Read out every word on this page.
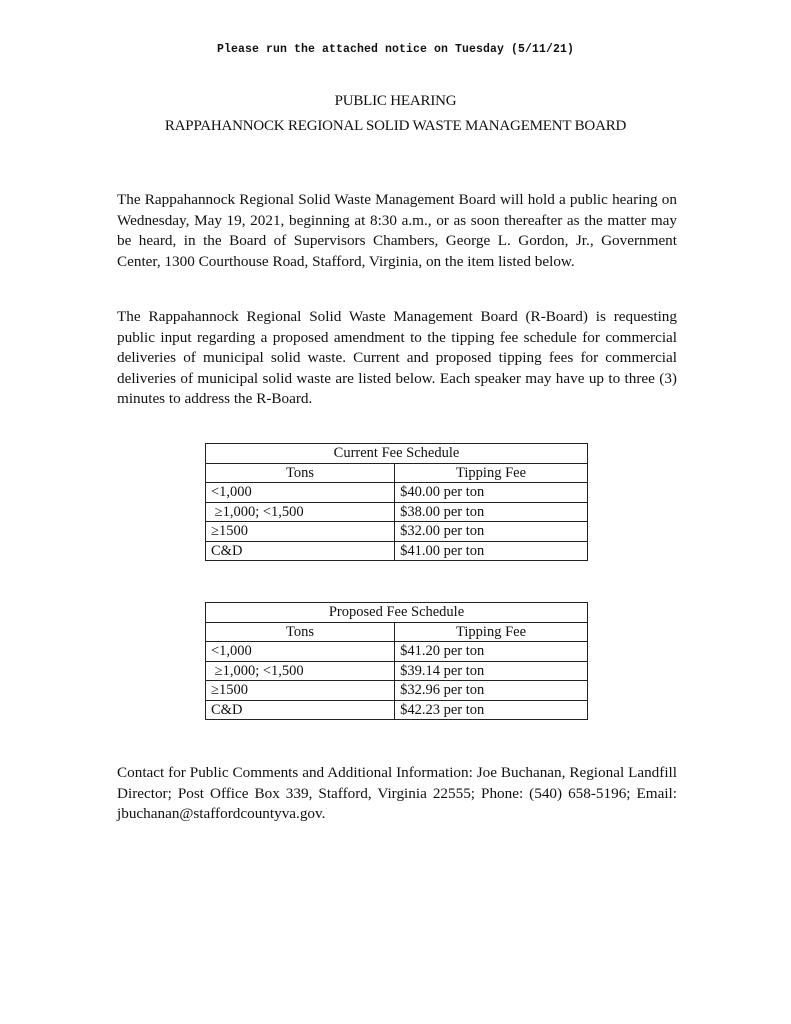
Please run the attached notice on Tuesday (5/11/21)
PUBLIC HEARING
RAPPAHANNOCK REGIONAL SOLID WASTE MANAGEMENT BOARD

The Rappahannock Regional Solid Waste Management Board will hold a public hearing on Wednesday, May 19, 2021, beginning at 8:30 a.m., or as soon thereafter as the matter may be heard, in the Board of Supervisors Chambers, George L. Gordon, Jr., Government Center, 1300 Courthouse Road, Stafford, Virginia, on the item listed below.

The Rappahannock Regional Solid Waste Management Board (R-Board) is requesting public input regarding a proposed amendment to the tipping fee schedule for commercial deliveries of municipal solid waste. Current and proposed tipping fees for commercial deliveries of municipal solid waste are listed below. Each speaker may have up to three (3) minutes to address the R-Board.

Current Fee Schedule	
Tons	Tipping Fee
<1,000	$40.00 per ton
≥1,000; <1,500	$38.00 per ton
≥1500	$32.00 per ton
C&D	$41.00 per ton
Proposed Fee Schedule	
Tons	Tipping Fee
<1,000	$41.20 per ton
≥1,000; <1,500	$39.14 per ton
≥1500	$32.96 per ton
C&D	$42.23 per ton

Contact for Public Comments and Additional Information: Joe Buchanan, Regional Landfill Director; Post Office Box 339, Stafford, Virginia 22555; Phone: (540) 658-5196; Email: jbuchanan@staffordcountyva.gov.
